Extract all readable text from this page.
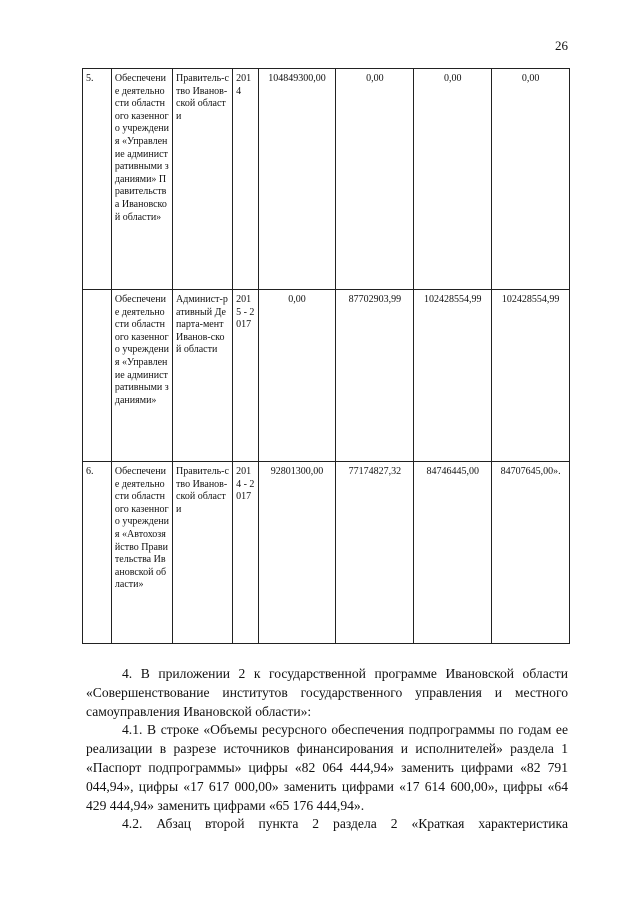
26
5.	Обеспечение деятельности областного казенного учреждения «Управление административными зданиями» Правительства Ивановской области»	Правитель-ство Иванов-ской области	2014	104849300,00	0,00	0,00	0,00
	Обеспечение деятельности областного казенного учреждения «Управление административными зданиями»	Админист-ративный Департа-мент Иванов-ской области	2015 - 2017	0,00	87702903,99	102428554,99	102428554,99
6.	Обеспечение деятельности областного казенного учреждения «Автохозяйство Правительства Ивановской области»	Правитель-ство Иванов-ской области	2014 - 2017	92801300,00	77174827,32	84746445,00	84707645,00».

4. В приложении 2 к государственной программе Ивановской области «Совершенствование институтов государственного управления и местного самоуправления Ивановской области»:

4.1. В строке «Объемы ресурсного обеспечения подпрограммы по годам ее реализации в разрезе источников финансирования и исполнителей» раздела 1 «Паспорт подпрограммы» цифры «82 064 444,94» заменить цифрами «82 791 044,94», цифры «17 617 000,00» заменить цифрами «17 614 600,00», цифры «64 429 444,94» заменить цифрами «65 176 444,94».

4.2. Абзац второй пункта 2 раздела 2 «Краткая характеристика
